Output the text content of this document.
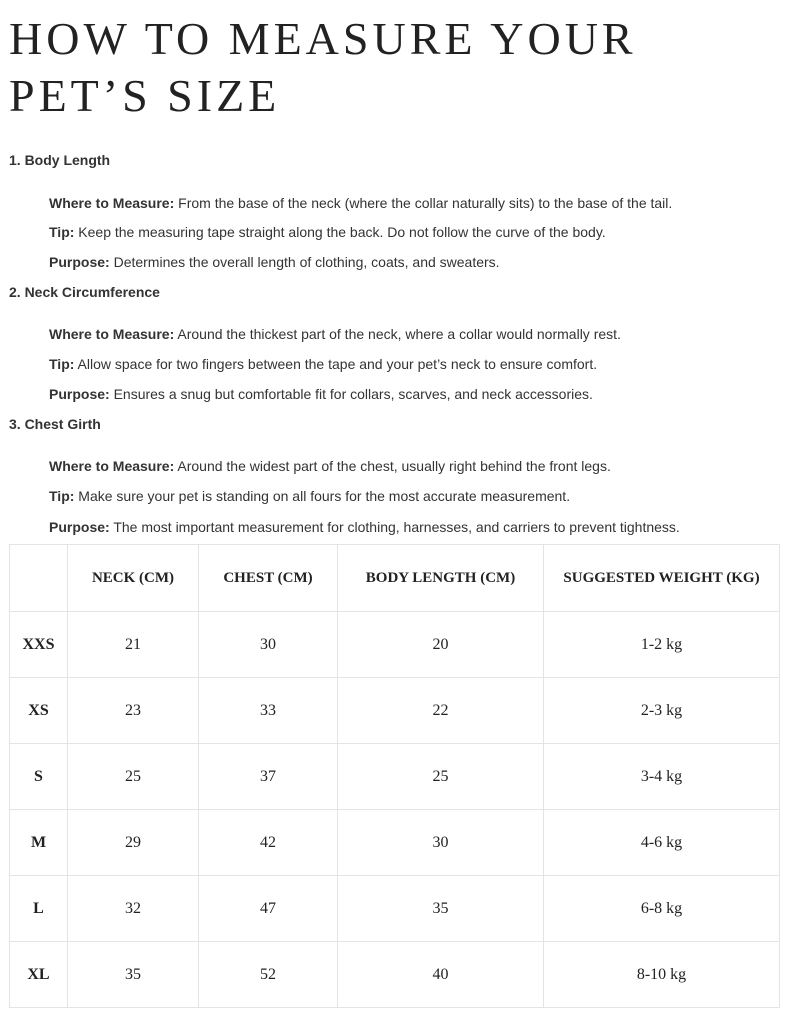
HOW TO MEASURE YOUR PET’S SIZE
1. Body Length

Where to Measure: From the base of the neck (where the collar naturally sits) to the base of the tail.

Tip: Keep the measuring tape straight along the back. Do not follow the curve of the body.

Purpose: Determines the overall length of clothing, coats, and sweaters.

2. Neck Circumference

Where to Measure: Around the thickest part of the neck, where a collar would normally rest.

Tip: Allow space for two fingers between the tape and your pet’s neck to ensure comfort.

Purpose: Ensures a snug but comfortable fit for collars, scarves, and neck accessories.

3. Chest Girth

Where to Measure: Around the widest part of the chest, usually right behind the front legs.

Tip: Make sure your pet is standing on all fours for the most accurate measurement.

Purpose: The most important measurement for clothing, harnesses, and carriers to prevent tightness.

	NECK (CM)	CHEST (CM)	BODY LENGTH (CM)	SUGGESTED WEIGHT (KG)
XXS	21	30	20	1-2 kg
XS	23	33	22	2-3 kg
S	25	37	25	3-4 kg
M	29	42	30	4-6 kg
L	32	47	35	6-8 kg
XL	35	52	40	8-10 kg
